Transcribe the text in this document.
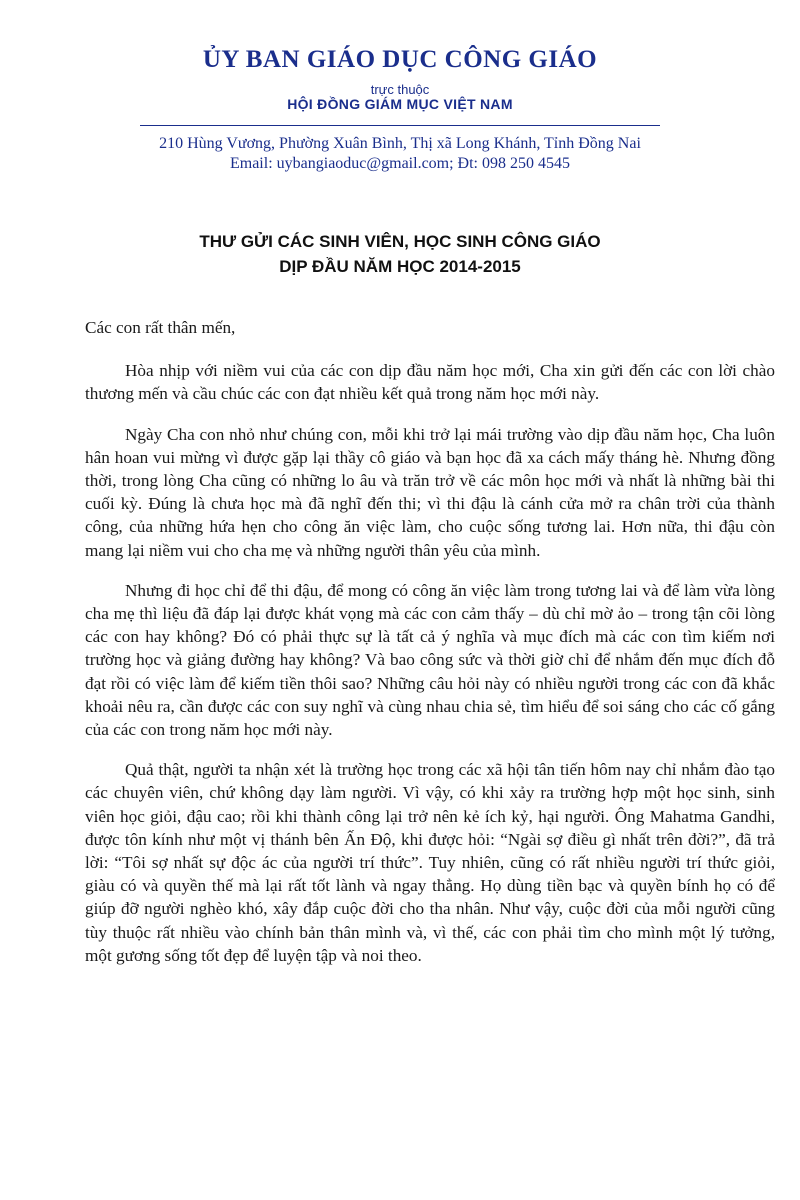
ỦY BAN GIÁO DỤC CÔNG GIÁO
trực thuộc
HỘI ĐỒNG GIÁM MỤC VIỆT NAM
210 Hùng Vương, Phường Xuân Bình, Thị xã Long Khánh, Tỉnh Đồng Nai
Email: uybangiaoduc@gmail.com; Đt: 098 250 4545
THƯ GỬI CÁC SINH VIÊN, HỌC SINH CÔNG GIÁO
DỊP ĐẦU NĂM HỌC 2014-2015

Các con rất thân mến,

Hòa nhịp với niềm vui của các con dịp đầu năm học mới, Cha xin gửi đến các con lời chào thương mến và cầu chúc các con đạt nhiều kết quả trong năm học mới này.

Ngày Cha con nhỏ như chúng con, mỗi khi trở lại mái trường vào dịp đầu năm học, Cha luôn hân hoan vui mừng vì được gặp lại thầy cô giáo và bạn học đã xa cách mấy tháng hè. Nhưng đồng thời, trong lòng Cha cũng có những lo âu và trăn trở về các môn học mới và nhất là những bài thi cuối kỳ. Đúng là chưa học mà đã nghĩ đến thi; vì thi đậu là cánh cửa mở ra chân trời của thành công, của những hứa hẹn cho công ăn việc làm, cho cuộc sống tương lai. Hơn nữa, thi đậu còn mang lại niềm vui cho cha mẹ và những người thân yêu của mình.

Nhưng đi học chỉ để thi đậu, để mong có công ăn việc làm trong tương lai và để làm vừa lòng cha mẹ thì liệu đã đáp lại được khát vọng mà các con cảm thấy – dù chỉ mờ ảo – trong tận cõi lòng các con hay không? Đó có phải thực sự là tất cả ý nghĩa và mục đích mà các con tìm kiếm nơi trường học và giảng đường hay không? Và bao công sức và thời giờ chỉ để nhắm đến mục đích đỗ đạt rồi có việc làm để kiếm tiền thôi sao? Những câu hỏi này có nhiều người trong các con đã khắc khoải nêu ra, cần được các con suy nghĩ và cùng nhau chia sẻ, tìm hiểu để soi sáng cho các cố gắng của các con trong năm học mới này.

Quả thật, người ta nhận xét là trường học trong các xã hội tân tiến hôm nay chỉ nhắm đào tạo các chuyên viên, chứ không dạy làm người. Vì vậy, có khi xảy ra trường hợp một học sinh, sinh viên học giỏi, đậu cao; rồi khi thành công lại trở nên kẻ ích kỷ, hại người. Ông Mahatma Gandhi, được tôn kính như một vị thánh bên Ấn Độ, khi được hỏi: “Ngài sợ điều gì nhất trên đời?”, đã trả lời: “Tôi sợ nhất sự độc ác của người trí thức”. Tuy nhiên, cũng có rất nhiều người trí thức giỏi, giàu có và quyền thế mà lại rất tốt lành và ngay thẳng. Họ dùng tiền bạc và quyền bính họ có để giúp đỡ người nghèo khó, xây đắp cuộc đời cho tha nhân. Như vậy, cuộc đời của mỗi người cũng tùy thuộc rất nhiều vào chính bản thân mình và, vì thế, các con phải tìm cho mình một lý tưởng, một gương sống tốt đẹp để luyện tập và noi theo.
